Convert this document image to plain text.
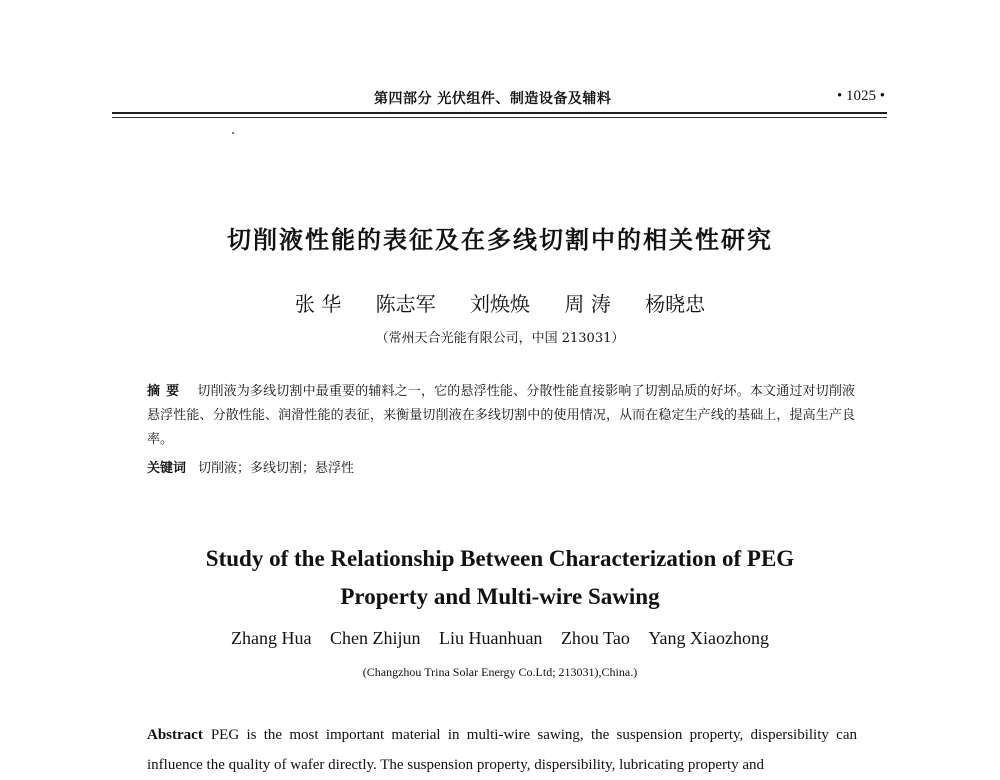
第四部分 光伏组件、制造设备及辅料	• 1025 •
切削液性能的表征及在多线切割中的相关性研究
张 华 陈志军 刘焕焕 周 涛 杨晓忠
（常州天合光能有限公司，中国 213031）
摘要 切削液为多线切割中最重要的辅料之一，它的悬浮性能、分散性能直接影响了切割品质的好坏。本文通过对切削液悬浮性能、分散性能、润滑性能的表征，来衡量切削液在多线切割中的使用情况，从而在稳定生产线的基础上，提高生产良率。
关键词 切削液；多线切割；悬浮性
Study of the Relationship Between Characterization of PEG
Property and Multi-wire Sawing
Zhang Hua Chen Zhijun Liu Huanhuan Zhou Tao Yang Xiaozhong
(Changzhou Trina Solar Energy Co.Ltd; 213031),China.)
Abstract PEG is the most important material in multi-wire sawing, the suspension property, dispersibility can influence the quality of wafer directly. The suspension property, dispersibility, lubricating property and
